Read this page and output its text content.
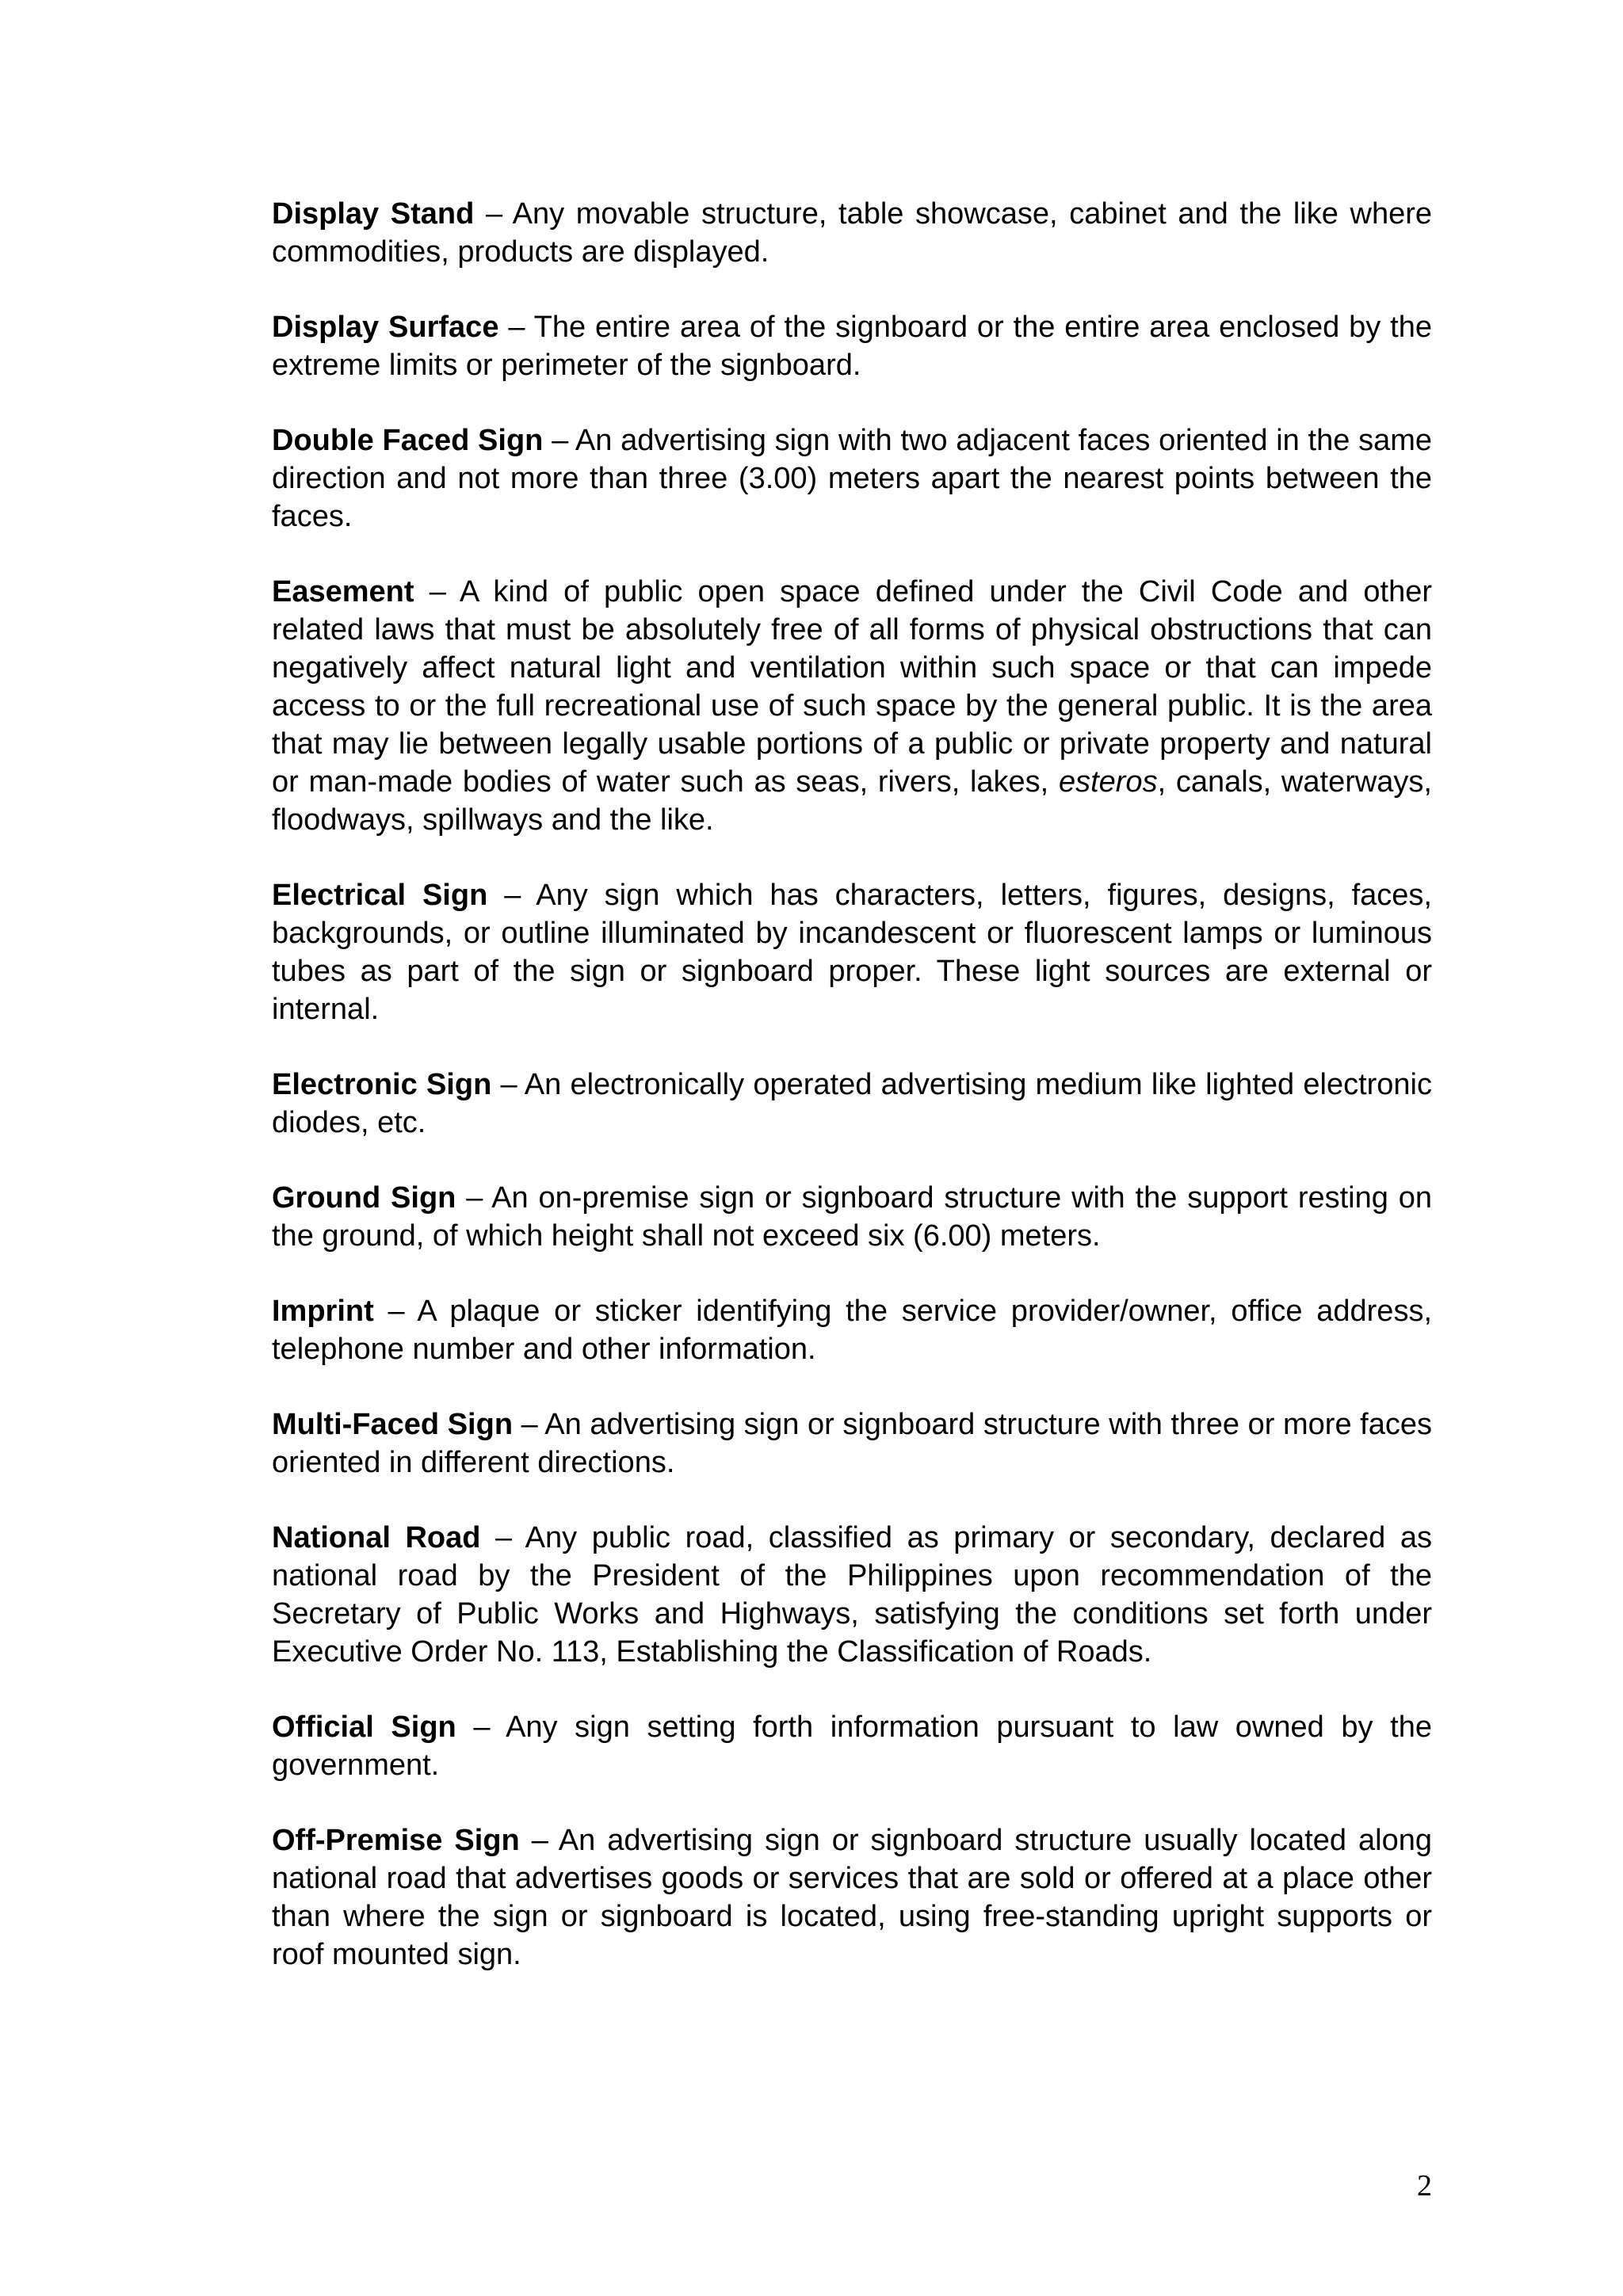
Display Stand – Any movable structure, table showcase, cabinet and the like where commodities, products are displayed.

Display Surface – The entire area of the signboard or the entire area enclosed by the extreme limits or perimeter of the signboard.

Double Faced Sign – An advertising sign with two adjacent faces oriented in the same direction and not more than three (3.00) meters apart the nearest points between the faces.

Easement – A kind of public open space defined under the Civil Code and other related laws that must be absolutely free of all forms of physical obstructions that can negatively affect natural light and ventilation within such space or that can impede access to or the full recreational use of such space by the general public. It is the area that may lie between legally usable portions of a public or private property and natural or man-made bodies of water such as seas, rivers, lakes, esteros, canals, waterways, floodways, spillways and the like.

Electrical Sign – Any sign which has characters, letters, figures, designs, faces, backgrounds, or outline illuminated by incandescent or fluorescent lamps or luminous tubes as part of the sign or signboard proper. These light sources are external or internal.

Electronic Sign – An electronically operated advertising medium like lighted electronic diodes, etc.

Ground Sign – An on-premise sign or signboard structure with the support resting on the ground, of which height shall not exceed six (6.00) meters.

Imprint – A plaque or sticker identifying the service provider/owner, office address, telephone number and other information.

Multi-Faced Sign – An advertising sign or signboard structure with three or more faces oriented in different directions.

National Road – Any public road, classified as primary or secondary, declared as national road by the President of the Philippines upon recommendation of the Secretary of Public Works and Highways, satisfying the conditions set forth under Executive Order No. 113, Establishing the Classification of Roads.

Official Sign – Any sign setting forth information pursuant to law owned by the government.

Off-Premise Sign – An advertising sign or signboard structure usually located along national road that advertises goods or services that are sold or offered at a place other than where the sign or signboard is located, using free-standing upright supports or roof mounted sign.

2
